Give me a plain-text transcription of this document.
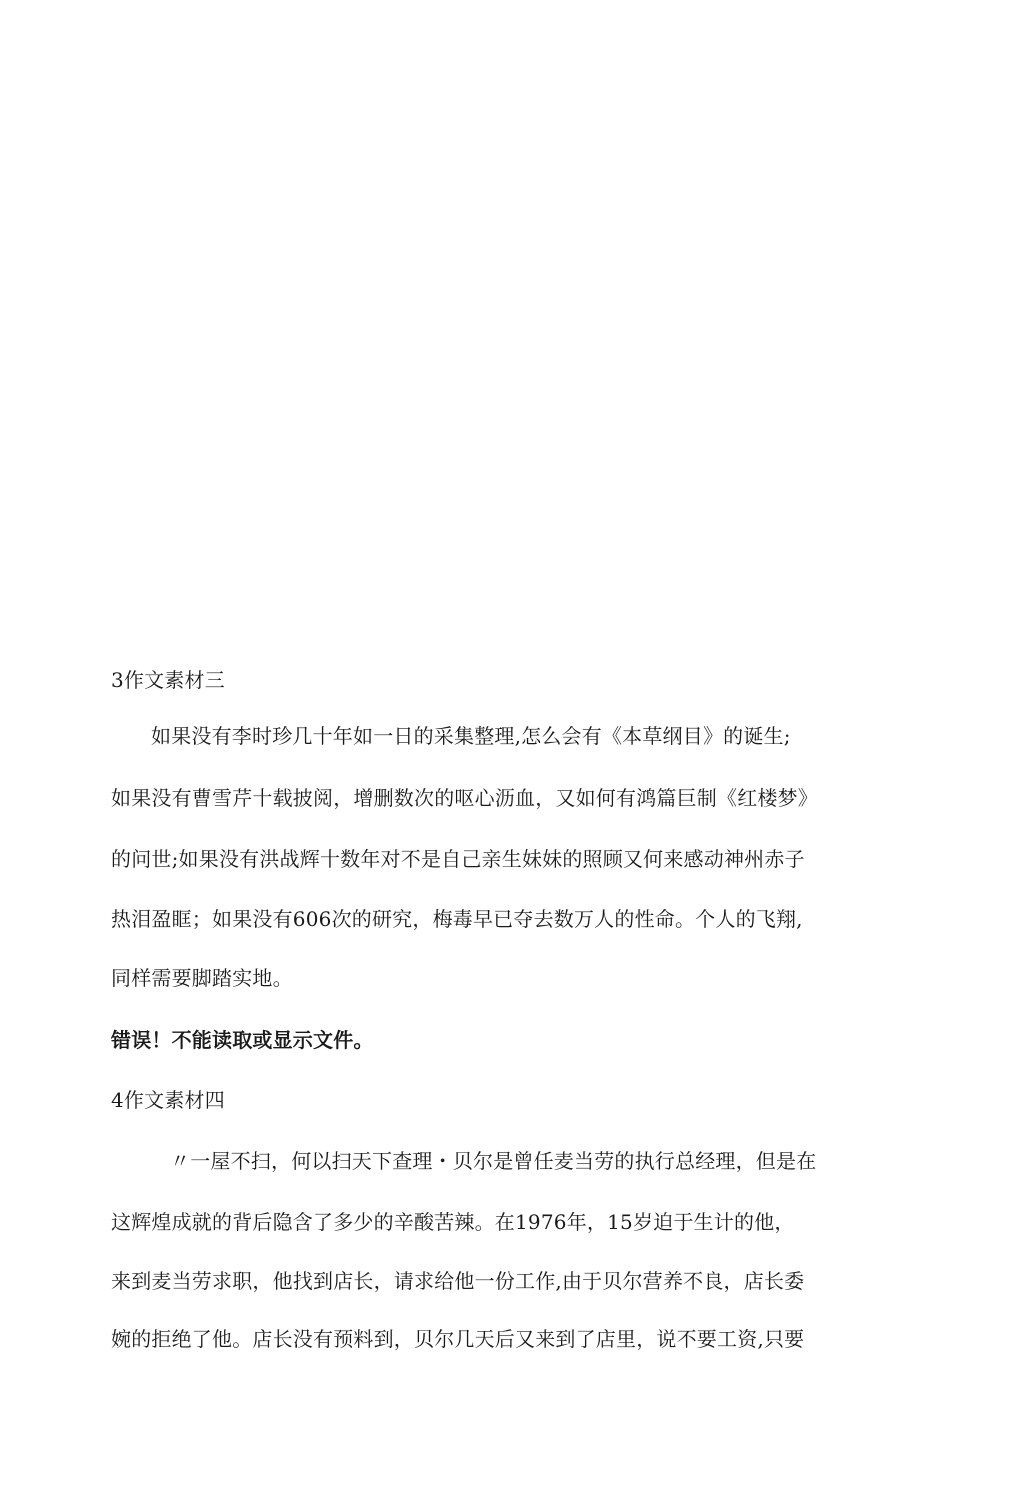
3作文素材三
如果没有李时珍几十年如一日的采集整理,怎么会有《本草纲目》的诞生;
如果没有曹雪芹十载披阅，增删数次的呕心沥血，又如何有鸿篇巨制《红楼梦》
的问世;如果没有洪战辉十数年对不是自己亲生妹妹的照顾又何来感动神州赤子
热泪盈眶；如果没有606次的研究，梅毒早已夺去数万人的性命。个人的飞翔,
同样需要脚踏实地。
错误！不能读取或显示文件。
4作文素材四
〃一屋不扫，何以扫天下查理・贝尔是曾任麦当劳的执行总经理，但是在
这辉煌成就的背后隐含了多少的辛酸苦辣。在1976年，15岁迫于生计的他，
来到麦当劳求职，他找到店长，请求给他一份工作,由于贝尔营养不良，店长委
婉的拒绝了他。店长没有预料到，贝尔几天后又来到了店里，说不要工资,只要
